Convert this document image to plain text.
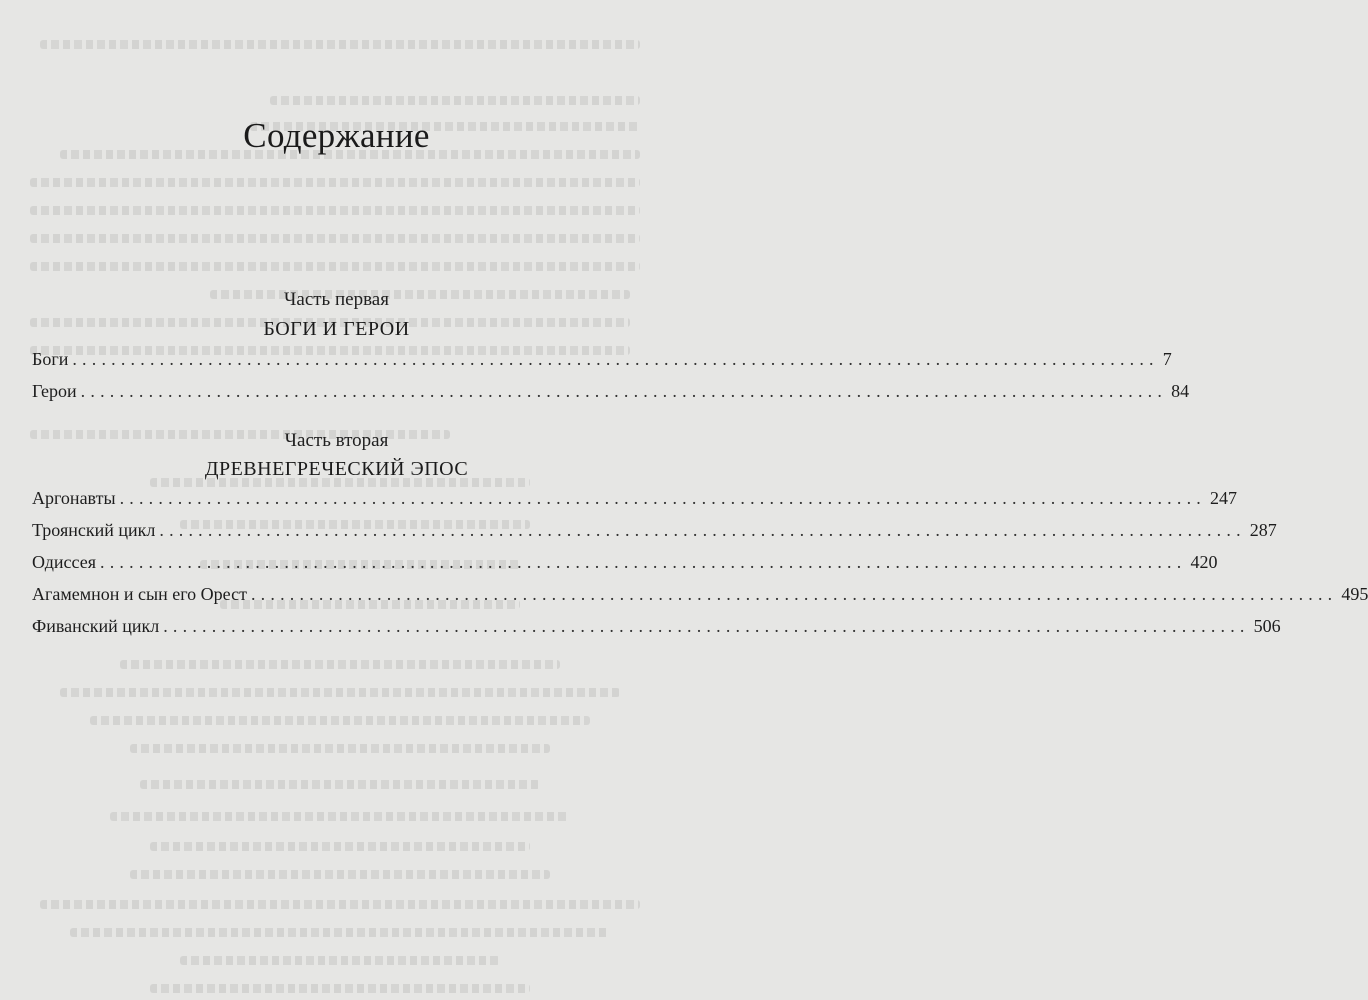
Содержание
Часть первая
БОГИ И ГЕРОИ
Боги ................................................................................................................ 7
Герои ................................................................................................................ 84
Часть вторая
ДРЕВНЕГРЕЧЕСКИЙ ЭПОС
Аргонавты ................................................................................................................ 247
Троянский цикл ................................................................................................................ 287
Одиссея ................................................................................................................ 420
Агамемнон и сын его Орест ................................................................................................................ 495
Фиванский цикл ................................................................................................................ 506
